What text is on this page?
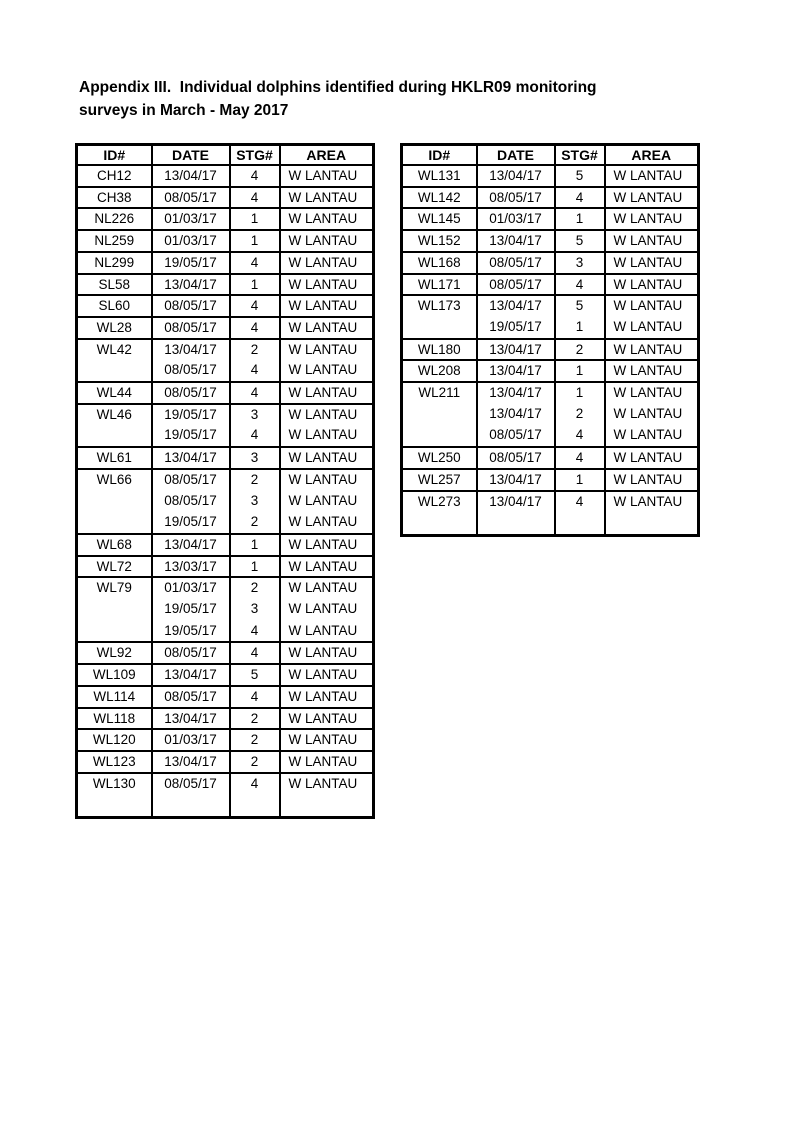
Appendix III.  Individual dolphins identified during HKLR09 monitoring
surveys in March - May 2017
ID#	DATE	STG#	AREA
CH12	13/04/17	4	W LANTAU
CH38	08/05/17	4	W LANTAU
NL226	01/03/17	1	W LANTAU
NL259	01/03/17	1	W LANTAU
NL299	19/05/17	4	W LANTAU
SL58	13/04/17	1	W LANTAU
SL60	08/05/17	4	W LANTAU
WL28	08/05/17	4	W LANTAU
WL42	13/04/17	2	W LANTAU
	08/05/17	4	W LANTAU
WL44	08/05/17	4	W LANTAU
WL46	19/05/17	3	W LANTAU
	19/05/17	4	W LANTAU
WL61	13/04/17	3	W LANTAU
WL66	08/05/17	2	W LANTAU
	08/05/17	3	W LANTAU
	19/05/17	2	W LANTAU
WL68	13/04/17	1	W LANTAU
WL72	13/03/17	1	W LANTAU
WL79	01/03/17	2	W LANTAU
	19/05/17	3	W LANTAU
	19/05/17	4	W LANTAU
WL92	08/05/17	4	W LANTAU
WL109	13/04/17	5	W LANTAU
WL114	08/05/17	4	W LANTAU
WL118	13/04/17	2	W LANTAU
WL120	01/03/17	2	W LANTAU
WL123	13/04/17	2	W LANTAU
WL130	08/05/17	4	W LANTAU
ID#	DATE	STG#	AREA
WL131	13/04/17	5	W LANTAU
WL142	08/05/17	4	W LANTAU
WL145	01/03/17	1	W LANTAU
WL152	13/04/17	5	W LANTAU
WL168	08/05/17	3	W LANTAU
WL171	08/05/17	4	W LANTAU
WL173	13/04/17	5	W LANTAU
	19/05/17	1	W LANTAU
WL180	13/04/17	2	W LANTAU
WL208	13/04/17	1	W LANTAU
WL211	13/04/17	1	W LANTAU
	13/04/17	2	W LANTAU
	08/05/17	4	W LANTAU
WL250	08/05/17	4	W LANTAU
WL257	13/04/17	1	W LANTAU
WL273	13/04/17	4	W LANTAU
